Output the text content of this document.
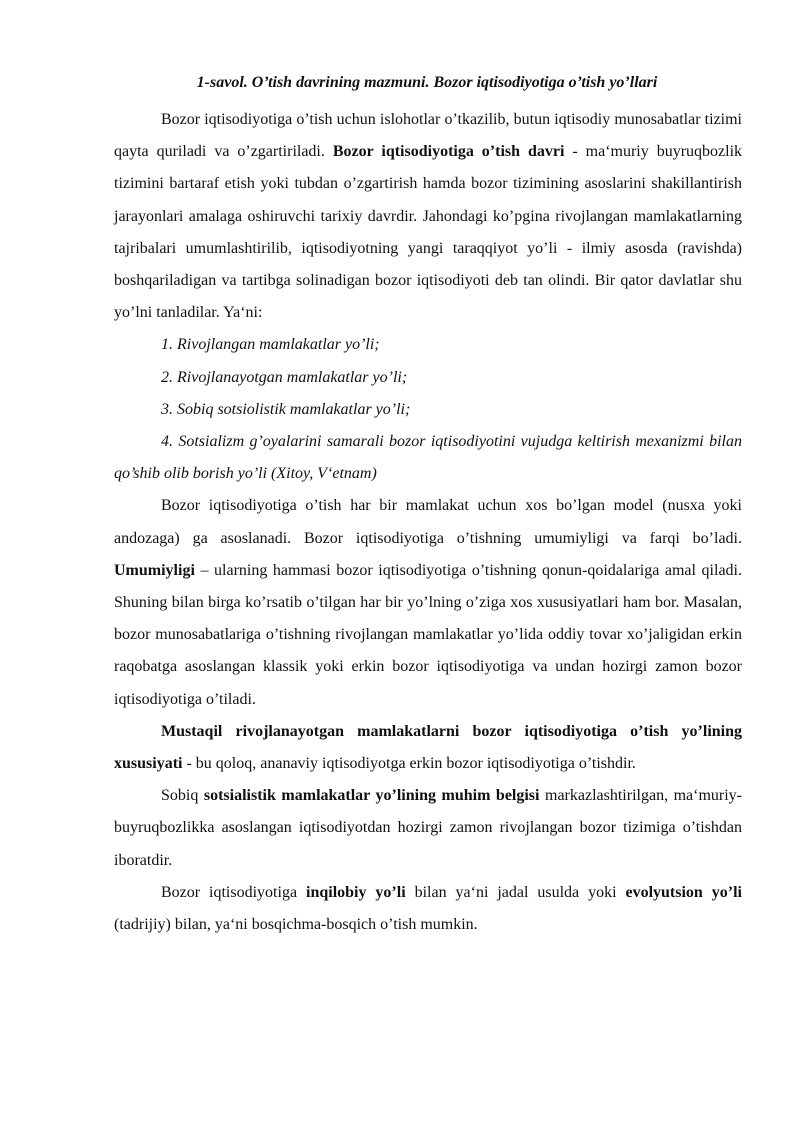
1-savol. O’tish davrining mazmuni. Bozor iqtisodiyotiga o’tish yo’llari

Bozor iqtisodiyotiga o’tish uchun islohotlar o’tkazilib, butun iqtisodiy munosabatlar tizimi qayta quriladi va o’zgartiriladi. Bozor iqtisodiyotiga o’tish davri - ma‘muriy buyruqbozlik tizimini bartaraf etish yoki tubdan o’zgartirish hamda bozor tizimining asoslarini shakillantirish jarayonlari amalaga oshiruvchi tarixiy davrdir. Jahondagi ko’pgina rivojlangan mamlakatlarning tajribalari umumlashtirilib, iqtisodiyotning yangi taraqqiyot yo’li - ilmiy asosda (ravishda) boshqariladigan va tartibga solinadigan bozor iqtisodiyoti deb tan olindi. Bir qator davlatlar shu yo’lni tanladilar. Ya‘ni:

1. Rivojlangan mamlakatlar yo’li;

2. Rivojlanayotgan mamlakatlar yo’li;

3. Sobiq sotsiolistik mamlakatlar yo’li;

4. Sotsializm g’oyalarini samarali bozor iqtisodiyotini vujudga keltirish mexanizmi bilan qo’shib olib borish yo’li (Xitoy, V‘etnam)

Bozor iqtisodiyotiga o’tish har bir mamlakat uchun xos bo’lgan model (nusxa yoki andozaga) ga asoslanadi. Bozor iqtisodiyotiga o’tishning umumiyligi va farqi bo’ladi. Umumiyligi – ularning hammasi bozor iqtisodiyotiga o’tishning qonun-qoidalariga amal qiladi. Shuning bilan birga ko’rsatib o’tilgan har bir yo’lning o’ziga xos xususiyatlari ham bor. Masalan, bozor munosabatlariga o’tishning rivojlangan mamlakatlar yo’lida oddiy tovar xo’jaligidan erkin raqobatga asoslangan klassik yoki erkin bozor iqtisodiyotiga va undan hozirgi zamon bozor iqtisodiyotiga o’tiladi.

Mustaqil rivojlanayotgan mamlakatlarni bozor iqtisodiyotiga o’tish yo’lining xususiyati - bu qoloq, ananaviy iqtisodiyotga erkin bozor iqtisodiyotiga o’tishdir.

Sobiq sotsialistik mamlakatlar yo’lining muhim belgisi markazlashtirilgan, ma‘muriy-buyruqbozlikka asoslangan iqtisodiyotdan hozirgi zamon rivojlangan bozor tizimiga o’tishdan iboratdir.

Bozor iqtisodiyotiga inqilobiy yo’li bilan ya‘ni jadal usulda yoki evolyutsion yo’li (tadrijiy) bilan, ya‘ni bosqichma-bosqich o’tish mumkin.
